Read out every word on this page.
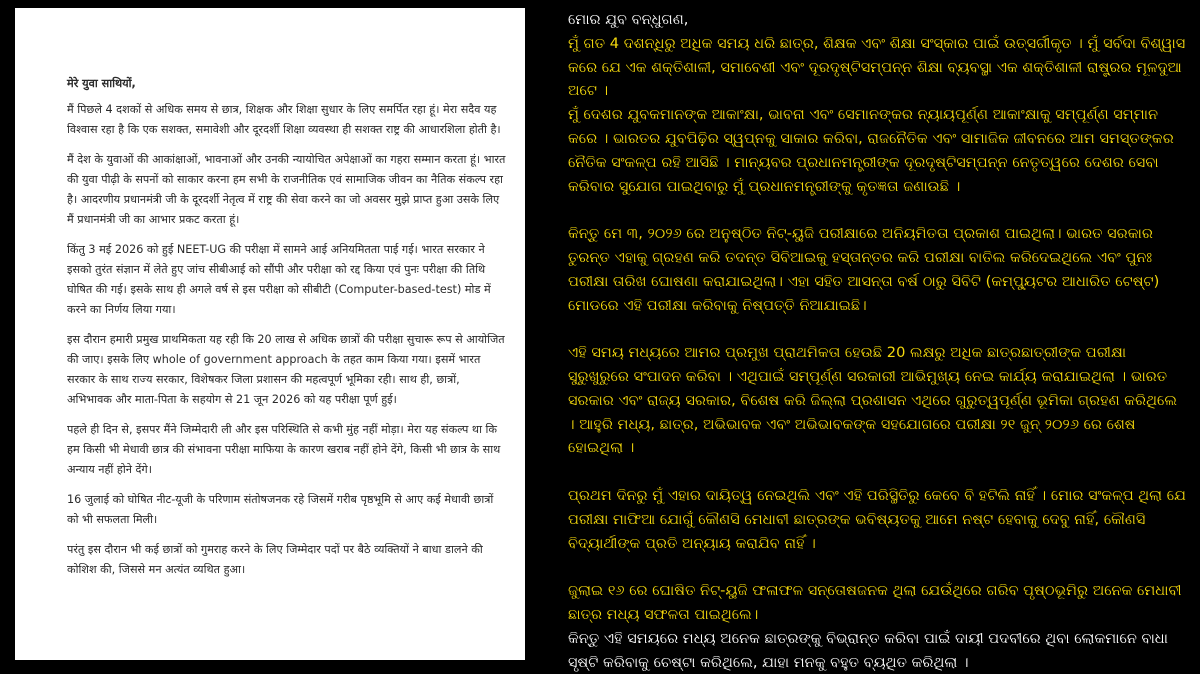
मेरे युवा साथियों,

मैं पिछले 4 दशकों से अधिक समय से छात्र, शिक्षक और शिक्षा सुधार के लिए समर्पित रहा हूं। मेरा सदैव यह विश्वास रहा है कि एक सशक्त, समावेशी और दूरदर्शी शिक्षा व्यवस्था ही सशक्त राष्ट्र की आधारशिला होती है।

मैं देश के युवाओं की आकांक्षाओं, भावनाओं और उनकी न्यायोचित अपेक्षाओं का गहरा सम्मान करता हूं। भारत की युवा पीढ़ी के सपनों को साकार करना हम सभी के राजनीतिक एवं सामाजिक जीवन का नैतिक संकल्प रहा है। आदरणीय प्रधानमंत्री जी के दूरदर्शी नेतृत्व में राष्ट्र की सेवा करने का जो अवसर मुझे प्राप्त हुआ उसके लिए मैं प्रधानमंत्री जी का आभार प्रकट करता हूं।

किंतु 3 मई 2026 को हुई NEET-UG की परीक्षा में सामने आई अनियमितता पाई गई। भारत सरकार ने इसको तुरंत संज्ञान में लेते हुए जांच सीबीआई को सौंपी और परीक्षा को रद्द किया एवं पुनः परीक्षा की तिथि घोषित की गई। इसके साथ ही अगले वर्ष से इस परीक्षा को सीबीटी (Computer-based-test) मोड में करने का निर्णय लिया गया।

इस दौरान हमारी प्रमुख प्राथमिकता यह रही कि 20 लाख से अधिक छात्रों की परीक्षा सुचारू रूप से आयोजित की जाए। इसके लिए whole of government approach के तहत काम किया गया। इसमें भारत सरकार के साथ राज्य सरकार, विशेषकर जिला प्रशासन की महत्वपूर्ण भूमिका रही। साथ ही, छात्रों, अभिभावक और माता-पिता के सहयोग से 21 जून 2026 को यह परीक्षा पूर्ण हुई।

पहले ही दिन से, इसपर मैंने जिम्मेदारी ली और इस परिस्थिति से कभी मुंह नहीं मोड़ा। मेरा यह संकल्प था कि हम किसी भी मेधावी छात्र की संभावना परीक्षा माफिया के कारण खराब नहीं होने देंगे, किसी भी छात्र के साथ अन्याय नहीं होने देंगे।

16 जुलाई को घोषित नीट-यूजी के परिणाम संतोषजनक रहे जिसमें गरीब पृष्ठभूमि से आए कई मेधावी छात्रों को भी सफलता मिली।

परंतु इस दौरान भी कई छात्रों को गुमराह करने के लिए जिम्मेदार पदों पर बैठे व्यक्तियों ने बाधा डालने की कोशिश की, जिससे मन अत्यंत व्यथित हुआ।

ମୋର ଯୁବ ବନ୍ଧୁଗଣ,

ମୁଁ ଗତ 4 ଦଶନ୍ଧିରୁ ଅଧିକ ସମୟ ଧରି ଛାତ୍ର, ଶିକ୍ଷକ ଏବଂ ଶିକ୍ଷା ସଂସ୍କାର ପାଇଁ ଉତ୍ସର୍ଗୀକୃତ । ମୁଁ ସର୍ବଦା ବିଶ୍ୱାସ କରେ ଯେ ଏକ ଶକ୍ତିଶାଳୀ, ସମାବେଶୀ ଏବଂ ଦୂରଦୃଷ୍ଟିସମ୍ପନ୍ନ ଶିକ୍ଷା ବ୍ୟବସ୍ଥା ଏକ ଶକ୍ତିଶାଳୀ ରାଷ୍ଟ୍ରର ମୂଳଦୁଆ ଅଟେ ।

ମୁଁ ଦେଶର ଯୁବକମାନଙ୍କ ଆକାଂକ୍ଷା, ଭାବନା ଏବଂ ସେମାନଙ୍କର ନ୍ୟାୟପୂର୍ଣ୍ଣ ଆକାଂକ୍ଷାକୁ ସମ୍ପୂର୍ଣ୍ଣ ସମ୍ମାନ କରେ । ଭାରତର ଯୁବପିଢ଼ିର ସ୍ୱପ୍ନକୁ ସାକାର କରିବା, ରାଜନୈତିକ ଏବଂ ସାମାଜିକ ଜୀବନରେ ଆମ ସମସ୍ତଙ୍କର ନୈତିକ ସଂକଳ୍ପ ରହି ଆସିଛି । ମାନ୍ୟବର ପ୍ରଧାନମନ୍ତ୍ରୀଙ୍କ ଦୂରଦୃଷ୍ଟିସମ୍ପନ୍ନ ନେତୃତ୍ୱରେ ଦେଶର ସେବା କରିବାର ସୁଯୋଗ ପାଇଥିବାରୁ ମୁଁ ପ୍ରଧାନମନ୍ତ୍ରୀଙ୍କୁ କୃତଜ୍ଞତା ଜଣାଉଛି ।

କିନ୍ତୁ ମେ ୩, ୨୦୨୬ ରେ ଅନୁଷ୍ଠିତ ନିଟ୍-ୟୁଜି ପରୀକ୍ଷାରେ ଅନିୟମିତତା ପ୍ରକାଶ ପାଇଥିଲା। ଭାରତ ସରକାର ତୁରନ୍ତ ଏହାକୁ ଗ୍ରହଣ କରି ତଦନ୍ତ ସିବିଆଇକୁ ହସ୍ତାନ୍ତର କରି ପରୀକ୍ଷା ବାତିଲ କରିଦେଇଥିଲେ ଏବଂ ପୁନଃ ପରୀକ୍ଷା ତାରିଖ ଘୋଷଣା କରାଯାଇଥିଲା। ଏହା ସହିତ ଆସନ୍ତା ବର୍ଷ ଠାରୁ ସିବିଟି (କମ୍ପ୍ୟୁଟର ଆଧାରିତ ଟେଷ୍ଟ) ମୋଡରେ ଏହି ପରୀକ୍ଷା କରିବାକୁ ନିଷ୍ପତ୍ତି ନିଆଯାଇଛି।

ଏହି ସମୟ ମଧ୍ୟରେ ଆମର ପ୍ରମୁଖ ପ୍ରାଥମିକତା ହେଉଛି 20 ଲକ୍ଷରୁ ଅଧିକ ଛାତ୍ରଛାତ୍ରୀଙ୍କ ପରୀକ୍ଷା ସୁରୁଖୁରୁରେ ସଂପାଦନ କରିବା । ଏଥିପାଇଁ ସମ୍ପୂର୍ଣ୍ଣ ସରକାରୀ ଆଭିମୁଖ୍ୟ ନେଇ କାର୍ଯ୍ୟ କରାଯାଇଥିଲା । ଭାରତ ସରକାର ଏବଂ ରାଜ୍ୟ ସରକାର, ବିଶେଷ କରି ଜିଲ୍ଲା ପ୍ରଶାସନ ଏଥିରେ ଗୁରୁତ୍ୱପୂର୍ଣ୍ଣ ଭୂମିକା ଗ୍ରହଣ କରିଥିଲେ । ଆହୁରି ମଧ୍ୟ, ଛାତ୍ର, ଅଭିଭାବକ ଏବଂ ଅଭିଭାବକଙ୍କ ସହଯୋଗରେ ପରୀକ୍ଷା ୨୧ ଜୁନ୍ ୨୦୨୬ ରେ ଶେଷ ହୋଇଥିଲା ।

ପ୍ରଥମ ଦିନରୁ ମୁଁ ଏହାର ଦାୟିତ୍ୱ ନେଇଥିଲି ଏବଂ ଏହି ପରିସ୍ଥିତିରୁ କେବେ ବି ହଟିଲି ନାହିଁ । ମୋର ସଂକଳ୍ପ ଥିଲା ଯେ ପରୀକ୍ଷା ମାଫିଆ ଯୋଗୁଁ କୌଣସି ମେଧାବୀ ଛାତ୍ରଙ୍କ ଭବିଷ୍ୟତକୁ ଆମେ ନଷ୍ଟ ହେବାକୁ ଦେବୁ ନାହିଁ, କୌଣସି ବିଦ୍ୟାର୍ଥୀଙ୍କ ପ୍ରତି ଅନ୍ୟାୟ କରାଯିବ ନାହିଁ ।

ଜୁଲାଇ ୧୬ ରେ ଘୋଷିତ ନିଟ୍-ୟୁଜି ଫଳାଫଳ ସନ୍ତୋଷଜନକ ଥିଲା ଯେଉଁଥିରେ ଗରିବ ପୃଷ୍ଠଭୂମିରୁ ଅନେକ ମେଧାବୀ ଛାତ୍ର ମଧ୍ୟ ସଫଳତା ପାଇଥିଲେ।

କିନ୍ତୁ ଏହି ସମୟରେ ମଧ୍ୟ ଅନେକ ଛାତ୍ରଙ୍କୁ ବିଭ୍ରାନ୍ତ କରିବା ପାଇଁ ଦାୟୀ ପଦବୀରେ ଥିବା ଲୋକମାନେ ବାଧା ସୃଷ୍ଟି କରିବାକୁ ଚେଷ୍ଟା କରିଥିଲେ, ଯାହା ମନକୁ ବହୁତ ବ୍ୟଥିତ କରିଥିଲା ।
